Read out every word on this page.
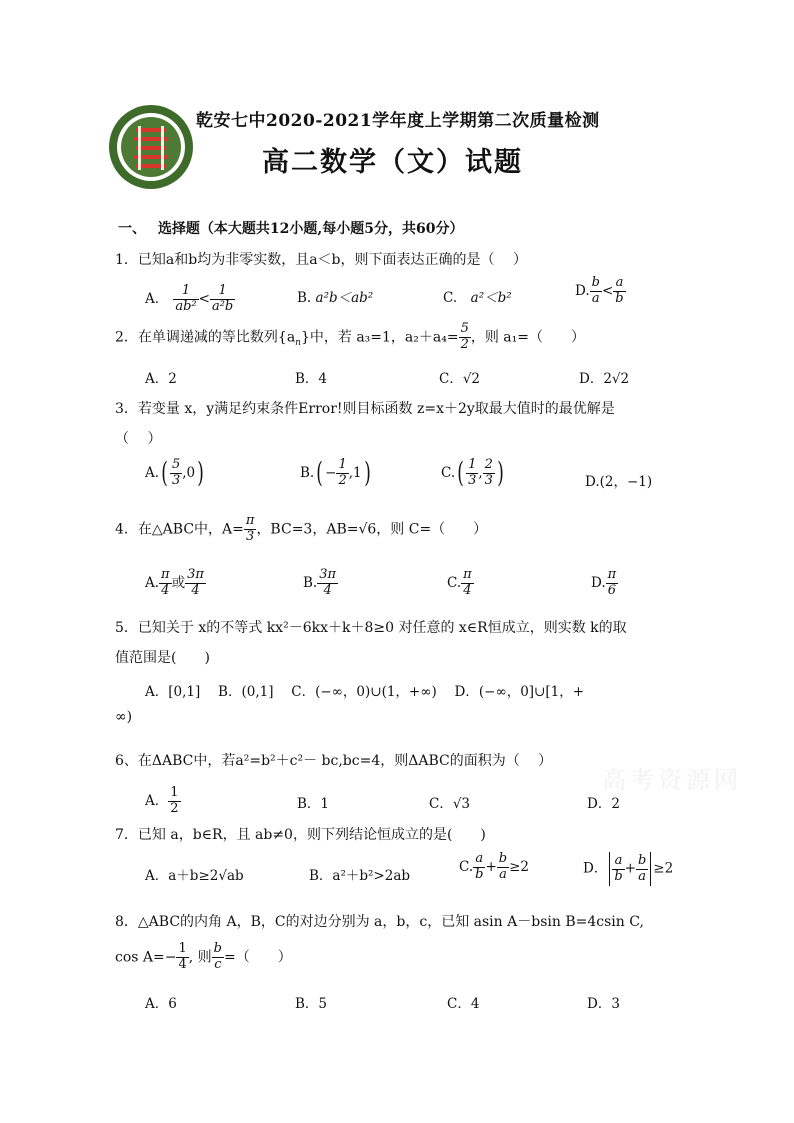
乾安七中2020-2021学年度上学期第二次质量检测
高二数学（文）试题
一、　 选择题（本大题共12小题,每小题5分，共60分）
1．已知a和b均为非零实数，且a＜b，则下面表达正确的是（　 ）
A. $\frac{1}{\text{ab²}} < \frac{1}{\text{a²b}}$	B. a²b＜ab²	C.　 a²＜b²	D. $\frac{b}{a} < \frac{a}{b}$
2．在单调递减的等比数列$\{a_n\}$中，若 a₃=1，$a_2+a_4= \frac{5}{2}$ ，则 a₁=（　　）
A．2	B．4	C．√2	D．2√2
3．若变量 x，y满足约束条件Error!则目标函数 z=x＋2y取最大值时的最优解是
（　 ）
$A.( \frac{5}{3} ,0)$	$B.( - \frac{1}{2} ,1)$	$C.( \frac{1}{3}$ , $\frac{2}{3}$ )	D.(2，−1)
4．在△ABC中，$A= \frac{\pi}{3}$ ，BC=3，AB=√6，则 C=（　　）
A. $\frac{\pi}{4}$ 或 $\frac{3\pi}{4}$	B. $\frac{3\pi}{4}$	C. $\frac{\pi}{4}$	D. $\frac{\pi}{6}$
5．已知关于 x的不等式 kx²－6kx＋k＋8≥0 对任意的 x∈R恒成立，则实数 k的取
值范围是(　　)
A．[0,1]　 B．(0,1]　 C．(−∞，0)∪(1，+∞)　 D．(−∞，0]∪[1，+
∞)
6、在ΔABC中，若a²=b²＋c²－ bc,bc=4，则ΔABC的面积为（　 ）
A． $\frac{1}{2}$	B．1	C．√3	D．2
7．已知 a，b∈R，且 ab≠0，则下列结论恒成立的是(　　)
A．a＋b≥2√ab	B．a²＋b²>2ab
C. $\frac{a}{b} + \frac{b}{a} \ge 2$	D． $\frac{a}{b} + \frac{b}{a} \ge 2$
8．△ABC的内角 A，B，C的对边分别为 a，b，c，已知 asin A－bsin B=4csin C,
$\cos A=- \frac{1}{4}$ , 则 $\frac{b}{c}$ =（　　）
A．6	B．5	C．4	D．3
高考资源网
